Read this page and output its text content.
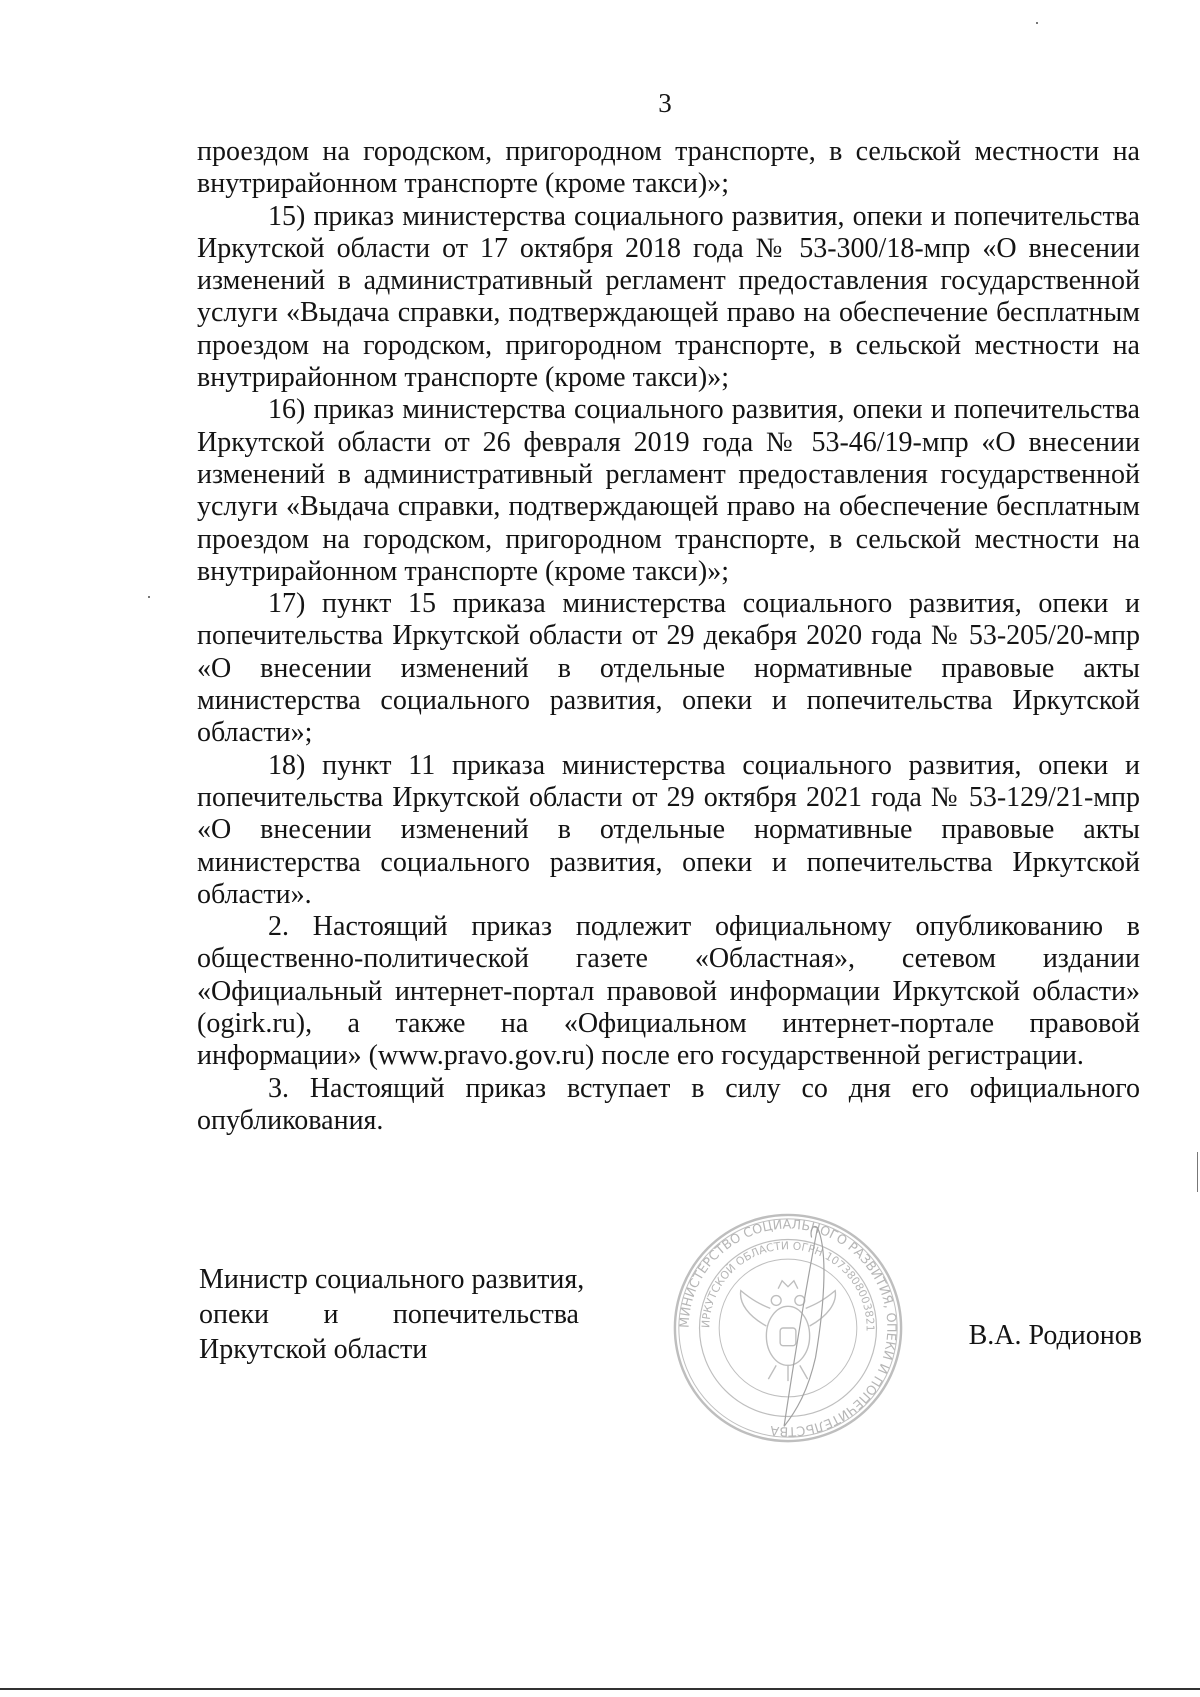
3

проездом на городском, пригородном транспорте, в сельской местности на внутрирайонном транспорте (кроме такси)»;

15) приказ министерства социального развития, опеки и попечительства Иркутской области от 17 октября 2018 года № 53-300/18-мпр «О внесении изменений в административный регламент предоставления государственной услуги «Выдача справки, подтверждающей право на обеспечение бесплатным проездом на городском, пригородном транспорте, в сельской местности на внутрирайонном транспорте (кроме такси)»;

16) приказ министерства социального развития, опеки и попечительства Иркутской области от 26 февраля 2019 года № 53-46/19-мпр «О внесении изменений в административный регламент предоставления государственной услуги «Выдача справки, подтверждающей право на обеспечение бесплатным проездом на городском, пригородном транспорте, в сельской местности на внутрирайонном транспорте (кроме такси)»;

17) пункт 15 приказа министерства социального развития, опеки и попечительства Иркутской области от 29 декабря 2020 года № 53-205/20-мпр «О внесении изменений в отдельные нормативные правовые акты министерства социального развития, опеки и попечительства Иркутской области»;

18) пункт 11 приказа министерства социального развития, опеки и попечительства Иркутской области от 29 октября 2021 года № 53-129/21-мпр «О внесении изменений в отдельные нормативные правовые акты министерства социального развития, опеки и попечительства Иркутской области».

2. Настоящий приказ подлежит официальному опубликованию в общественно-политической газете «Областная», сетевом издании «Официальный интернет-портал правовой информации Иркутской области» (ogirk.ru), а также на «Официальном интернет-портале правовой информации» (www.pravo.gov.ru) после его государственной регистрации.

3. Настоящий приказ вступает в силу со дня его официального опубликования.

Министр социального развития,
опеки и попечительства
Иркутской области	В.А. Родионов
МИНИСТЕРСТВО СОЦИАЛЬНОГО РАЗВИТИЯ, ОПЕКИ И ПОПЕЧИТЕЛЬСТВА
ИРКУТСКОЙ ОБЛАСТИ ОГРН 1073808003821
